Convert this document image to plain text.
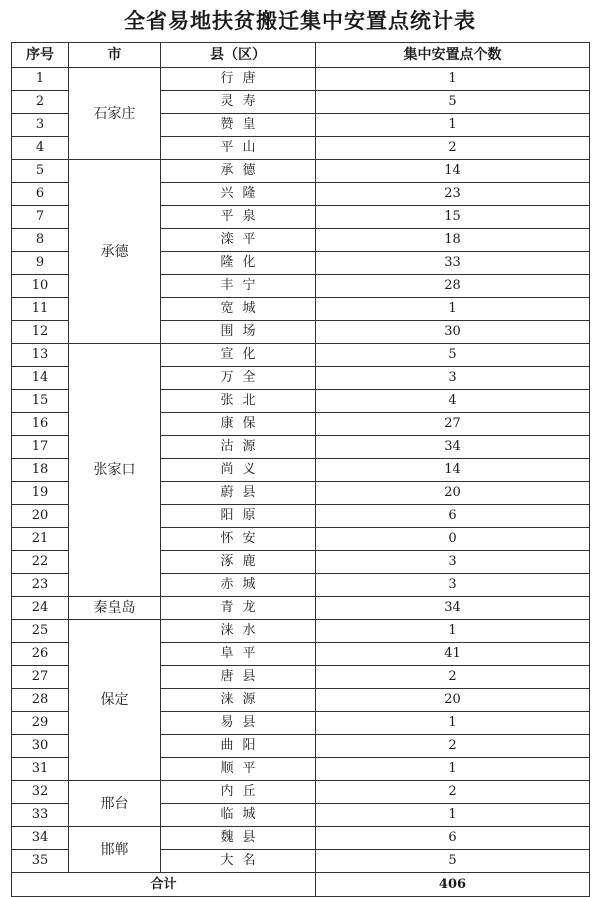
全省易地扶贫搬迁集中安置点统计表
序号	市	县（区）	集中安置点个数
1	石家庄	行唐	1
2		灵寿	5
3		赞皇	1
4		平山	2
5	承德	承德	14
6		兴隆	23
7		平泉	15
8		滦平	18
9		隆化	33
10		丰宁	28
11		宽城	1
12		围场	30
13	张家口	宣化	5
14		万全	3
15		张北	4
16		康保	27
17		沽源	34
18		尚义	14
19		蔚县	20
20		阳原	6
21		怀安	0
22		涿鹿	3
23		赤城	3
24	秦皇岛	青龙	34
25	保定	涞水	1
26		阜平	41
27		唐县	2
28		涞源	20
29		易县	1
30		曲阳	2
31		顺平	1
32	邢台	内丘	2
33		临城	1
34	邯郸	魏县	6
35		大名	5
合计			406
